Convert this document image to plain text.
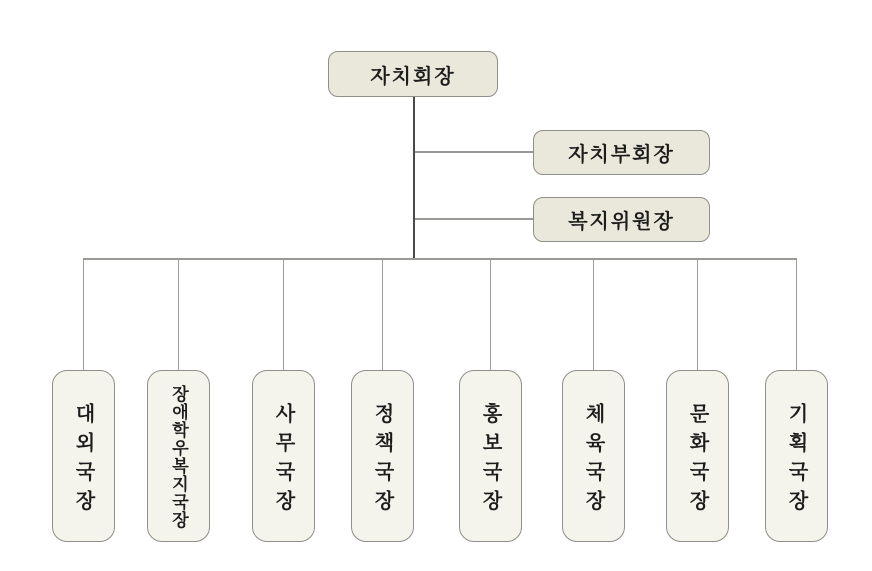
자치회장
자치부회장
복지위원장
대외국장	장애학우복지국장	사무국장	정책국장	홍보국장	체육국장	문화국장	기획국장
